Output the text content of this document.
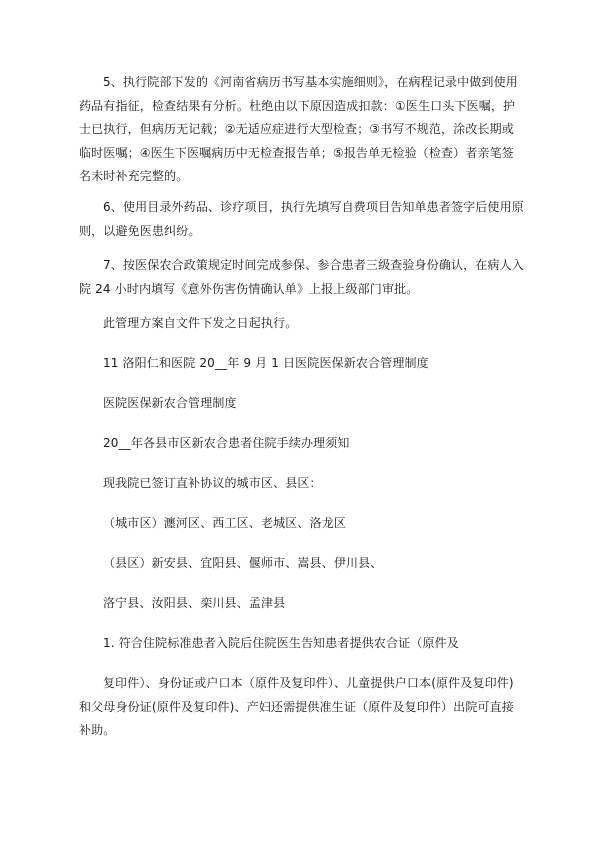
5、执行院部下发的《河南省病历书写基本实施细则》，在病程记录中做到使用药品有指征，检查结果有分析。杜绝由以下原因造成扣款：①医生口头下医嘱，护士已执行，但病历无记载；②无适应症进行大型检查；③书写不规范，涂改长期或临时医嘱；④医生下医嘱病历中无检查报告单；⑤报告单无检验（检查）者亲笔签名未时补充完整的。

6、使用目录外药品、诊疗项目，执行先填写自费项目告知单患者签字后使用原则，以避免医患纠纷。

7、按医保农合政策规定时间完成参保、参合患者三级查验身份确认，在病人入院 24 小时内填写《意外伤害伤情确认单》上报上级部门审批。

此管理方案自文件下发之日起执行。

11 洛阳仁和医院 20__年 9 月 1 日医院医保新农合管理制度

医院医保新农合管理制度

20__年各县市区新农合患者住院手续办理须知

现我院已签订直补协议的城市区、县区：

（城市区）瀍河区、西工区、老城区、洛龙区

（县区）新安县、宜阳县、偃师市、嵩县、伊川县、

洛宁县、汝阳县、栾川县、孟津县

1. 符合住院标准患者入院后住院医生告知患者提供农合证（原件及

复印件）、身份证或户口本（原件及复印件）、儿童提供户口本(原件及复印件)和父母身份证(原件及复印件)、产妇还需提供准生证（原件及复印件）出院可直接补助。
